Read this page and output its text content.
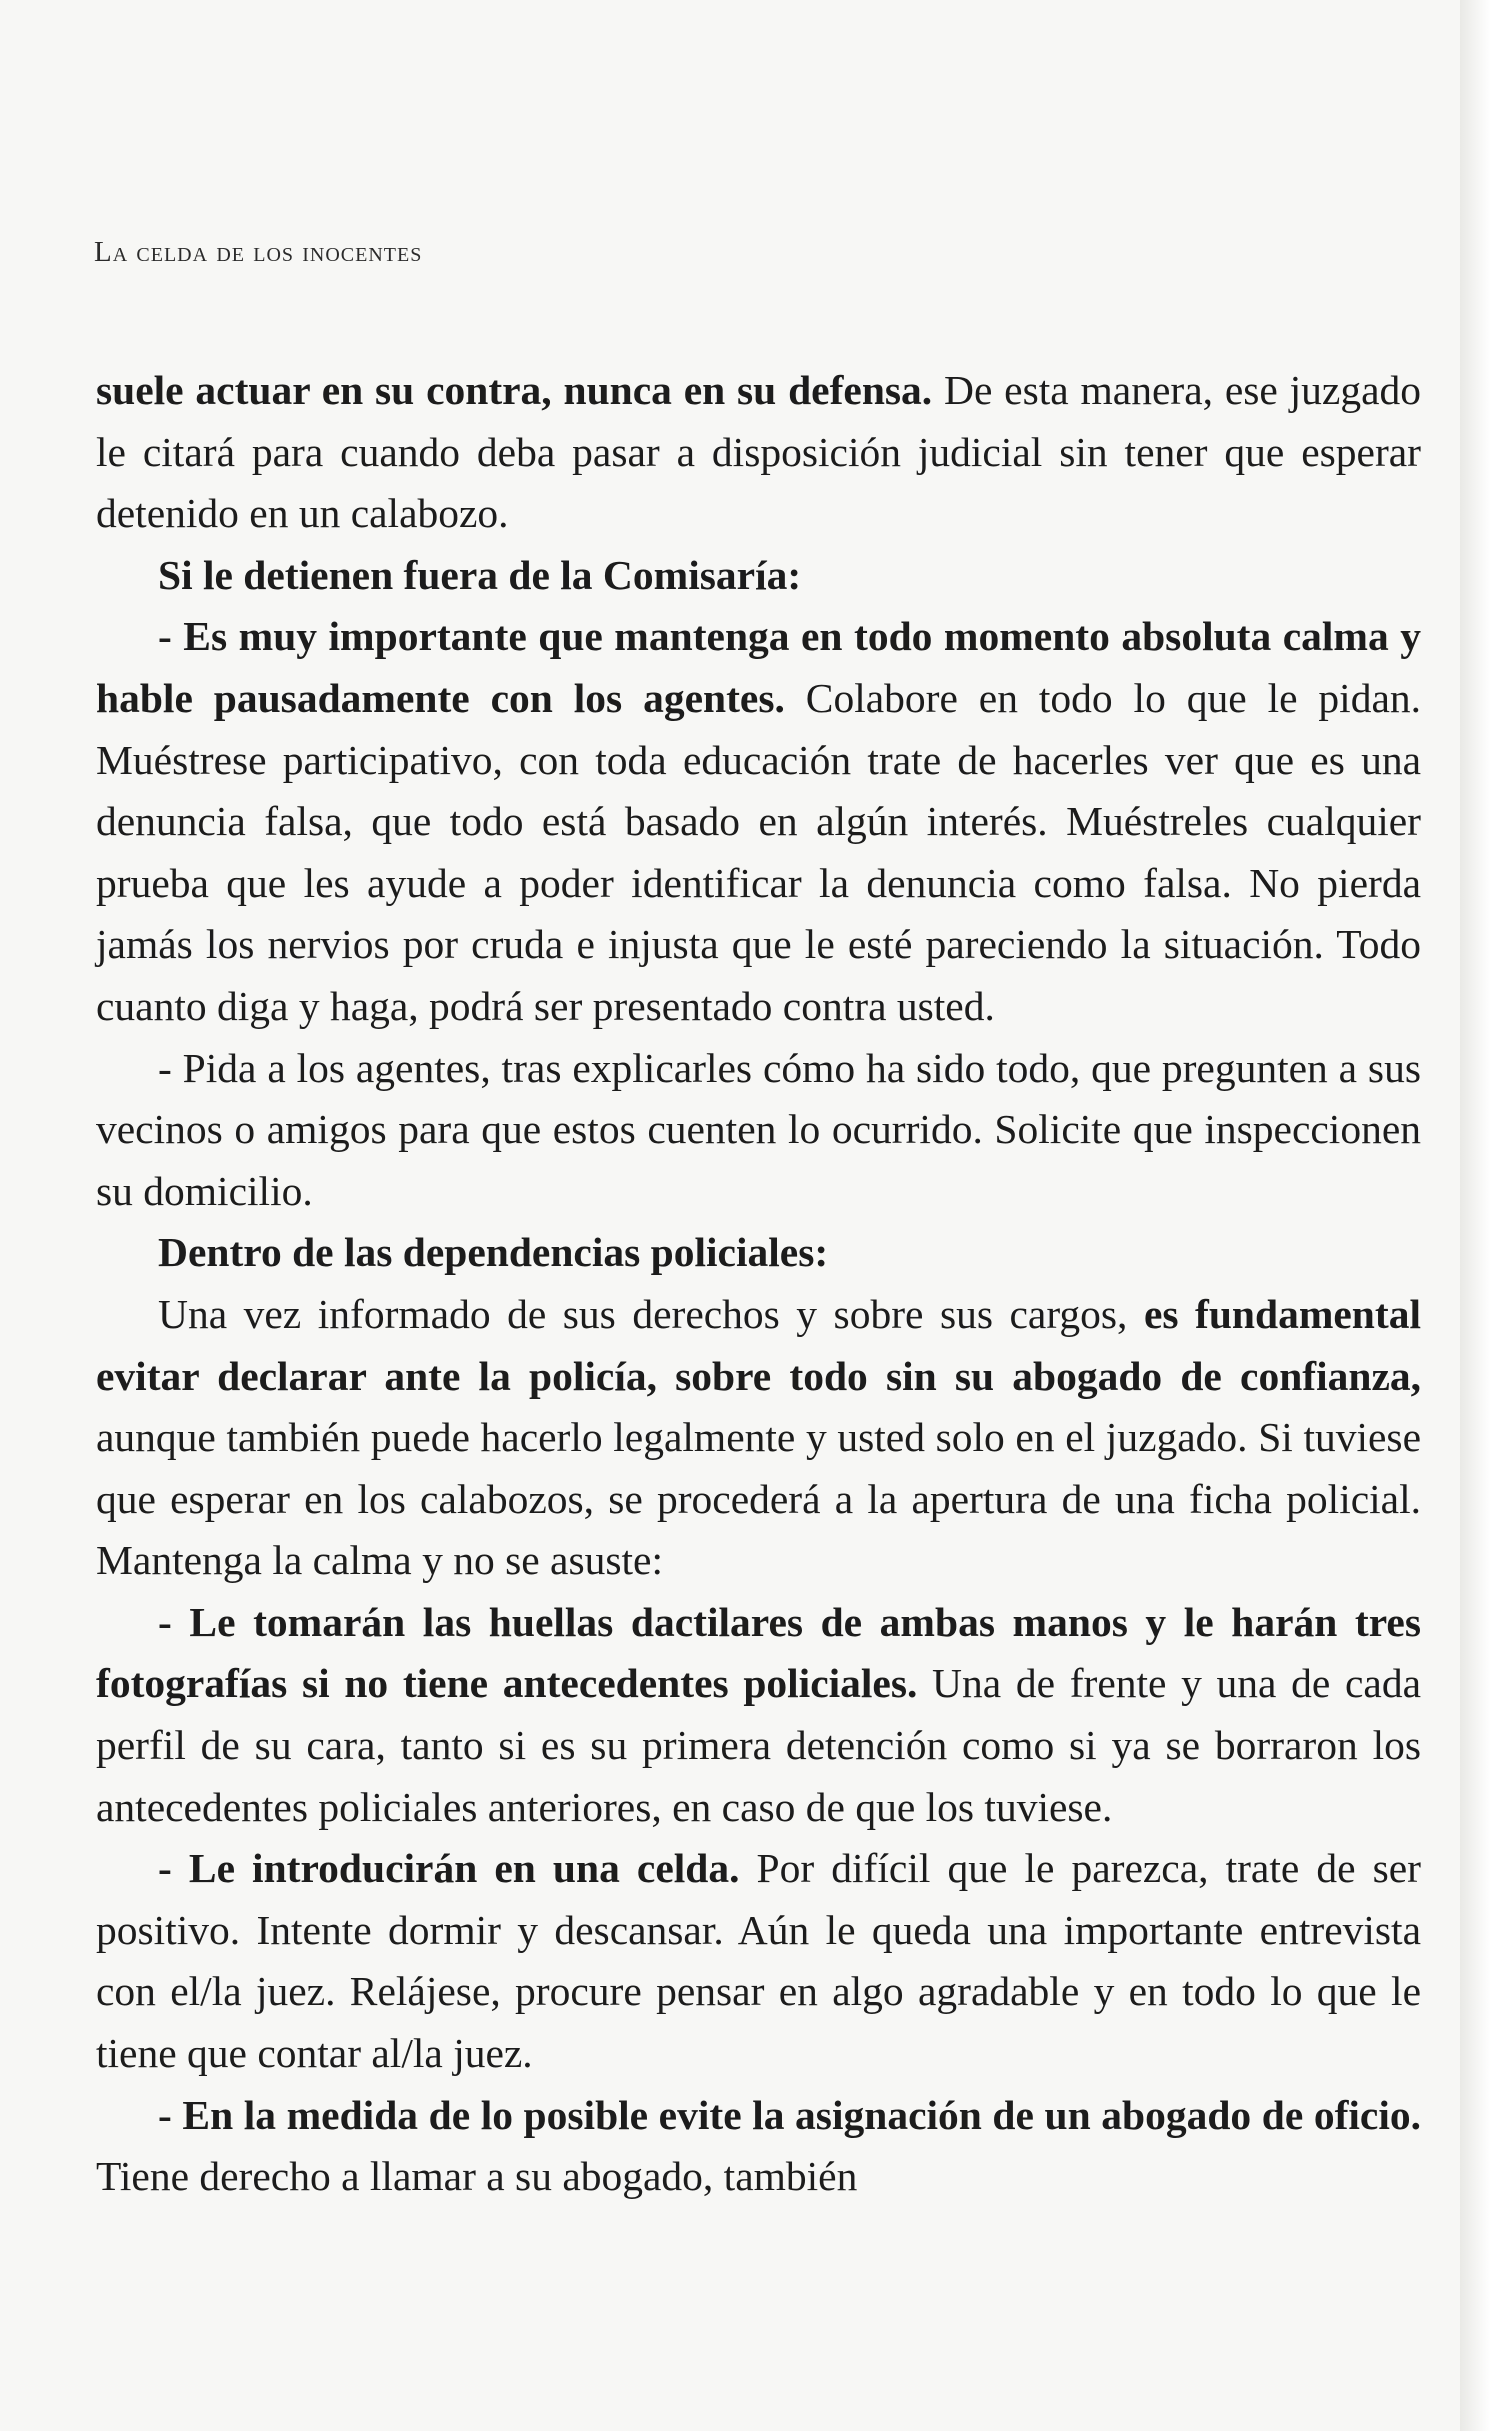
La celda de los inocentes

suele actuar en su contra, nunca en su defensa. De esta manera, ese juzgado le citará para cuando deba pasar a disposición judicial sin tener que esperar detenido en un calabozo.

Si le detienen fuera de la Comisaría:

- Es muy importante que mantenga en todo momento absoluta calma y hable pausadamente con los agentes. Colabore en todo lo que le pidan. Muéstrese participativo, con toda educación trate de hacerles ver que es una denuncia falsa, que todo está basado en algún interés. Muéstreles cualquier prueba que les ayude a poder identificar la denuncia como falsa. No pierda jamás los nervios por cruda e injusta que le esté pareciendo la situación. Todo cuanto diga y haga, podrá ser presentado contra usted.

- Pida a los agentes, tras explicarles cómo ha sido todo, que pregunten a sus vecinos o amigos para que estos cuenten lo ocurrido. Solicite que inspeccionen su domicilio.

Dentro de las dependencias policiales:

Una vez informado de sus derechos y sobre sus cargos, es fundamental evitar declarar ante la policía, sobre todo sin su abogado de confianza, aunque también puede hacerlo legalmente y usted solo en el juzgado. Si tuviese que esperar en los calabozos, se procederá a la apertura de una ficha policial. Mantenga la calma y no se asuste:

- Le tomarán las huellas dactilares de ambas manos y le harán tres fotografías si no tiene antecedentes policiales. Una de frente y una de cada perfil de su cara, tanto si es su primera detención como si ya se borraron los antecedentes policiales anteriores, en caso de que los tuviese.

- Le introducirán en una celda. Por difícil que le parezca, trate de ser positivo. Intente dormir y descansar. Aún le queda una importante entrevista con el/la juez. Relájese, procure pensar en algo agradable y en todo lo que le tiene que contar al/la juez.

- En la medida de lo posible evite la asignación de un abogado de oficio. Tiene derecho a llamar a su abogado, también
